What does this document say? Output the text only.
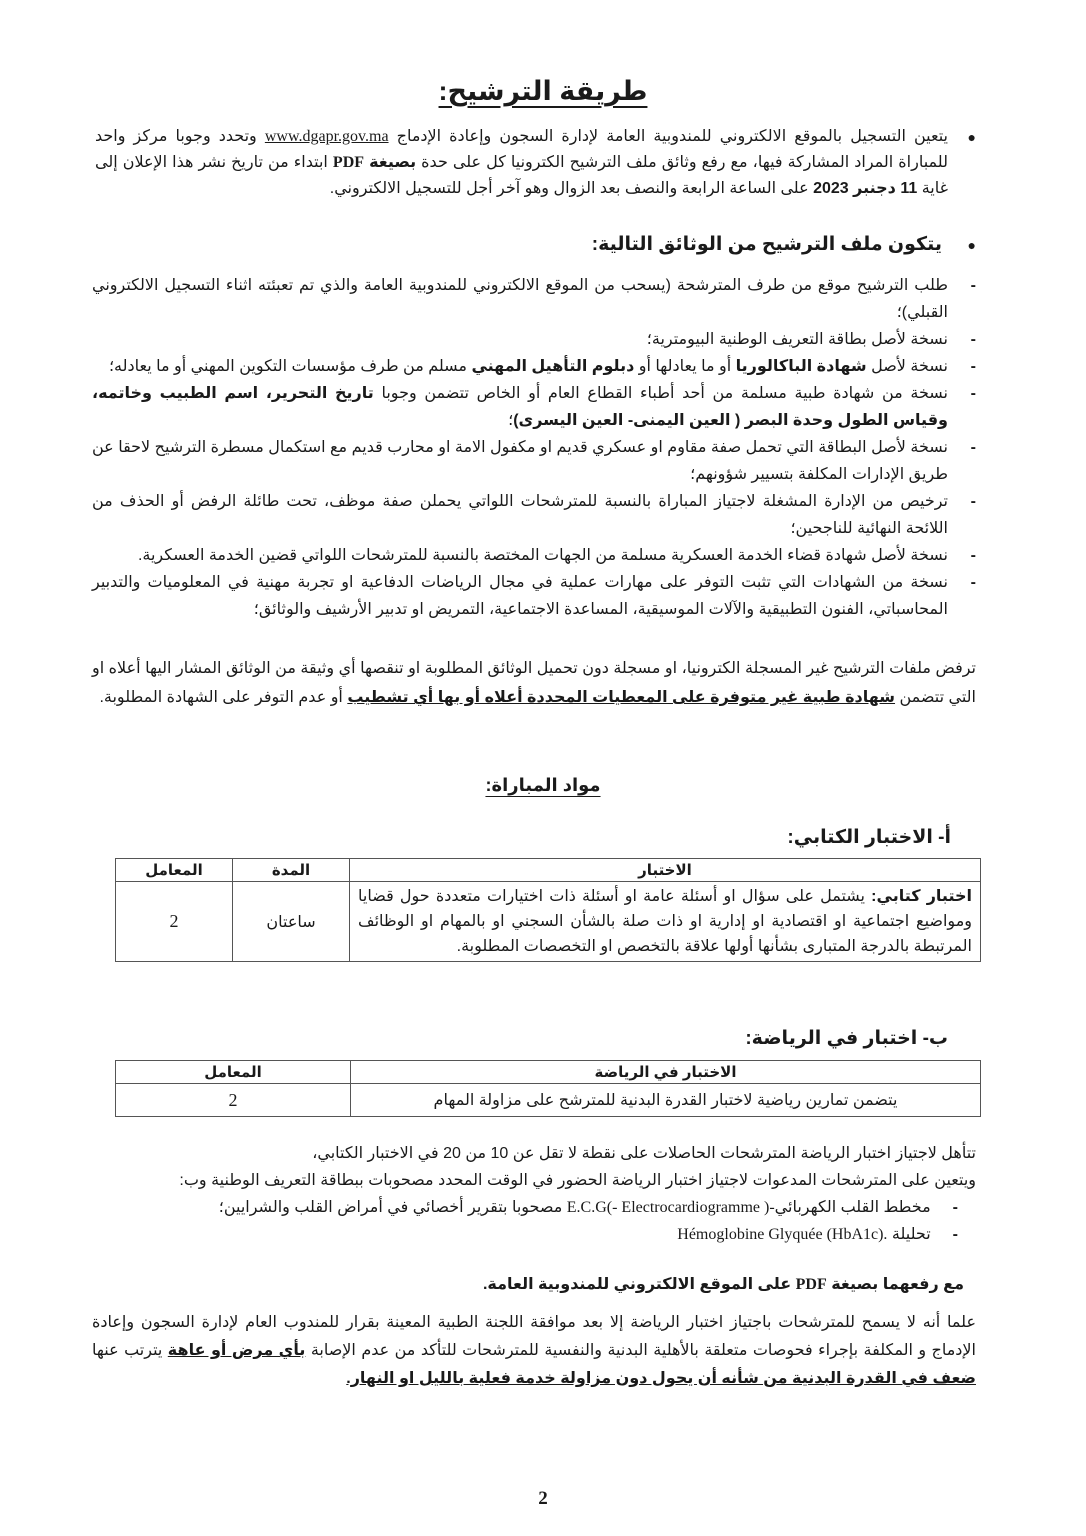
طريقة الترشيح:
●
يتعين التسجيل بالموقع الالكتروني للمندوبية العامة لإدارة السجون وإعادة الإدماج www.dgapr.gov.ma وتحدد وجوبا مركز واحد للمباراة المراد المشاركة فيها، مع رفع وثائق ملف الترشيح الكترونيا كل على حدة بصيغة PDF ابتداء من تاريخ نشر هذا الإعلان إلى غاية 11 دجنبر 2023 على الساعة الرابعة والنصف بعد الزوال وهو آخر أجل للتسجيل الالكتروني.
●
يتكون ملف الترشيح من الوثائق التالية:
-
طلب الترشيح موقع من طرف المترشحة (يسحب من الموقع الالكتروني للمندوبية العامة والذي تم تعبئته اثناء التسجيل الالكتروني القبلي)؛
-
نسخة لأصل بطاقة التعريف الوطنية البيومترية؛
-
نسخة لأصل شهادة الباكالوريا أو ما يعادلها أو دبلوم التأهيل المهني مسلم من طرف مؤسسات التكوين المهني أو ما يعادله؛
-
نسخة من شهادة طبية مسلمة من أحد أطباء القطاع العام أو الخاص تتضمن وجوبا تاريخ التحرير، اسم الطبيب وخاتمه، وقياس الطول وحدة البصر ( العين اليمنى- العين اليسرى)؛
-
نسخة لأصل البطاقة التي تحمل صفة مقاوم او عسكري قديم او مكفول الامة او محارب قديم مع استكمال مسطرة الترشيح لاحقا عن طريق الإدارات المكلفة بتسيير شؤونهم؛
-
ترخيص من الإدارة المشغلة لاجتياز المباراة بالنسبة للمترشحات اللواتي يحملن صفة موظف، تحت طائلة الرفض أو الحذف من اللائحة النهائية للناجحين؛
-
نسخة لأصل شهادة قضاء الخدمة العسكرية مسلمة من الجهات المختصة بالنسبة للمترشحات اللواتي قضين الخدمة العسكرية.
-
نسخة من الشهادات التي تثبت التوفر على مهارات عملية في مجال الرياضات الدفاعية او تجربة مهنية في المعلوميات والتدبير المحاسباتي، الفنون التطبيقية والآلات الموسيقية، المساعدة الاجتماعية، التمريض او تدبير الأرشيف والوثائق؛
ترفض ملفات الترشيح غير المسجلة الكترونيا، او مسجلة دون تحميل الوثائق المطلوبة او تنقصها أي وثيقة من الوثائق المشار اليها أعلاه او التي تتضمن شهادة طبية غير متوفرة على المعطيات المحددة أعلاه أو بها أي تشطيب أو عدم التوفر على الشهادة المطلوبة.
مواد المباراة:
أ- الاختبار الكتابي:
الاختبار	المدة	المعامل
اختبار كتابي: يشتمل على سؤال او أسئلة عامة او أسئلة ذات اختيارات متعددة حول قضايا ومواضيع اجتماعية او اقتصادية او إدارية او ذات صلة بالشأن السجني او بالمهام او الوظائف المرتبطة بالدرجة المتبارى بشأنها أولها علاقة بالتخصص او التخصصات المطلوبة.	ساعتان	2
ب- اختبار في الرياضة:
الاختبار في الرياضة	المعامل
يتضمن تمارين رياضية لاختبار القدرة البدنية للمترشح على مزاولة المهام	2
تتأهل لاجتياز اختبار الرياضة المترشحات الحاصلات على نقطة لا تقل عن 10 من 20 في الاختبار الكتابي،
ويتعين على المترشحات المدعوات لاجتياز اختبار الرياضة الحضور في الوقت المحدد مصحوبات ببطاقة التعريف الوطنية وب:
-
مخطط القلب الكهربائيE.C.G(- Electrocardiogramme )- مصحوبا بتقرير أخصائي في أمراض القلب والشرايين؛
-
تحليلة Hémoglobine Glyquée (HbA1c).
مع رفعهما بصيغة PDF على الموقع الالكتروني للمندوبية العامة.
علما أنه لا يسمح للمترشحات باجتياز اختبار الرياضة إلا بعد موافقة اللجنة الطبية المعينة بقرار للمندوب العام لإدارة السجون وإعادة الإدماج و المكلفة بإجراء فحوصات متعلقة بالأهلية البدنية والنفسية للمترشحات للتأكد من عدم الإصابة بأي مرض أو عاهة يترتب عنها ضعف في القدرة البدنية من شأنه أن يحول دون مزاولة خدمة فعلية بالليل او النهار.
2
